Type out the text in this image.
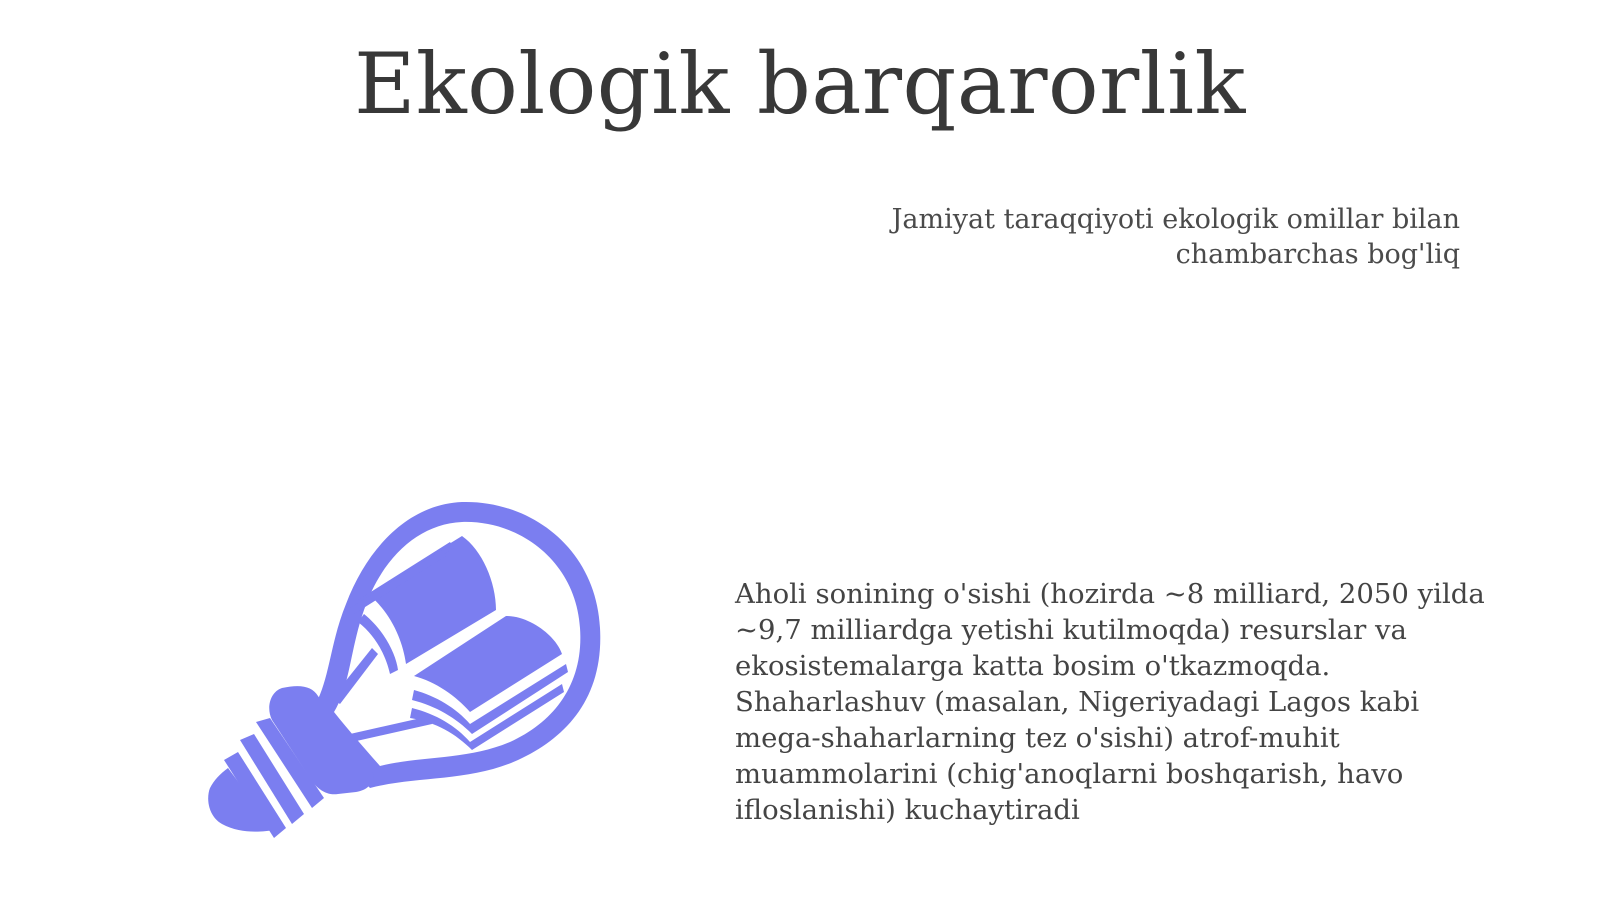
Ekologik barqarorlik

Jamiyat taraqqiyoti ekologik omillar bilan chambarchas bog'liq

Aholi sonining o'sishi (hozirda ~8 milliard, 2050 yilda ~9,7 milliardga yetishi kutilmoqda) resurslar va ekosistemalarga katta bosim o'tkazmoqda. Shaharlashuv (masalan, Nigeriyadagi Lagos kabi mega-shaharlarning tez o'sishi) atrof-muhit muammolarini (chig'anoqlarni boshqarish, havo ifloslanishi) kuchaytiradi
